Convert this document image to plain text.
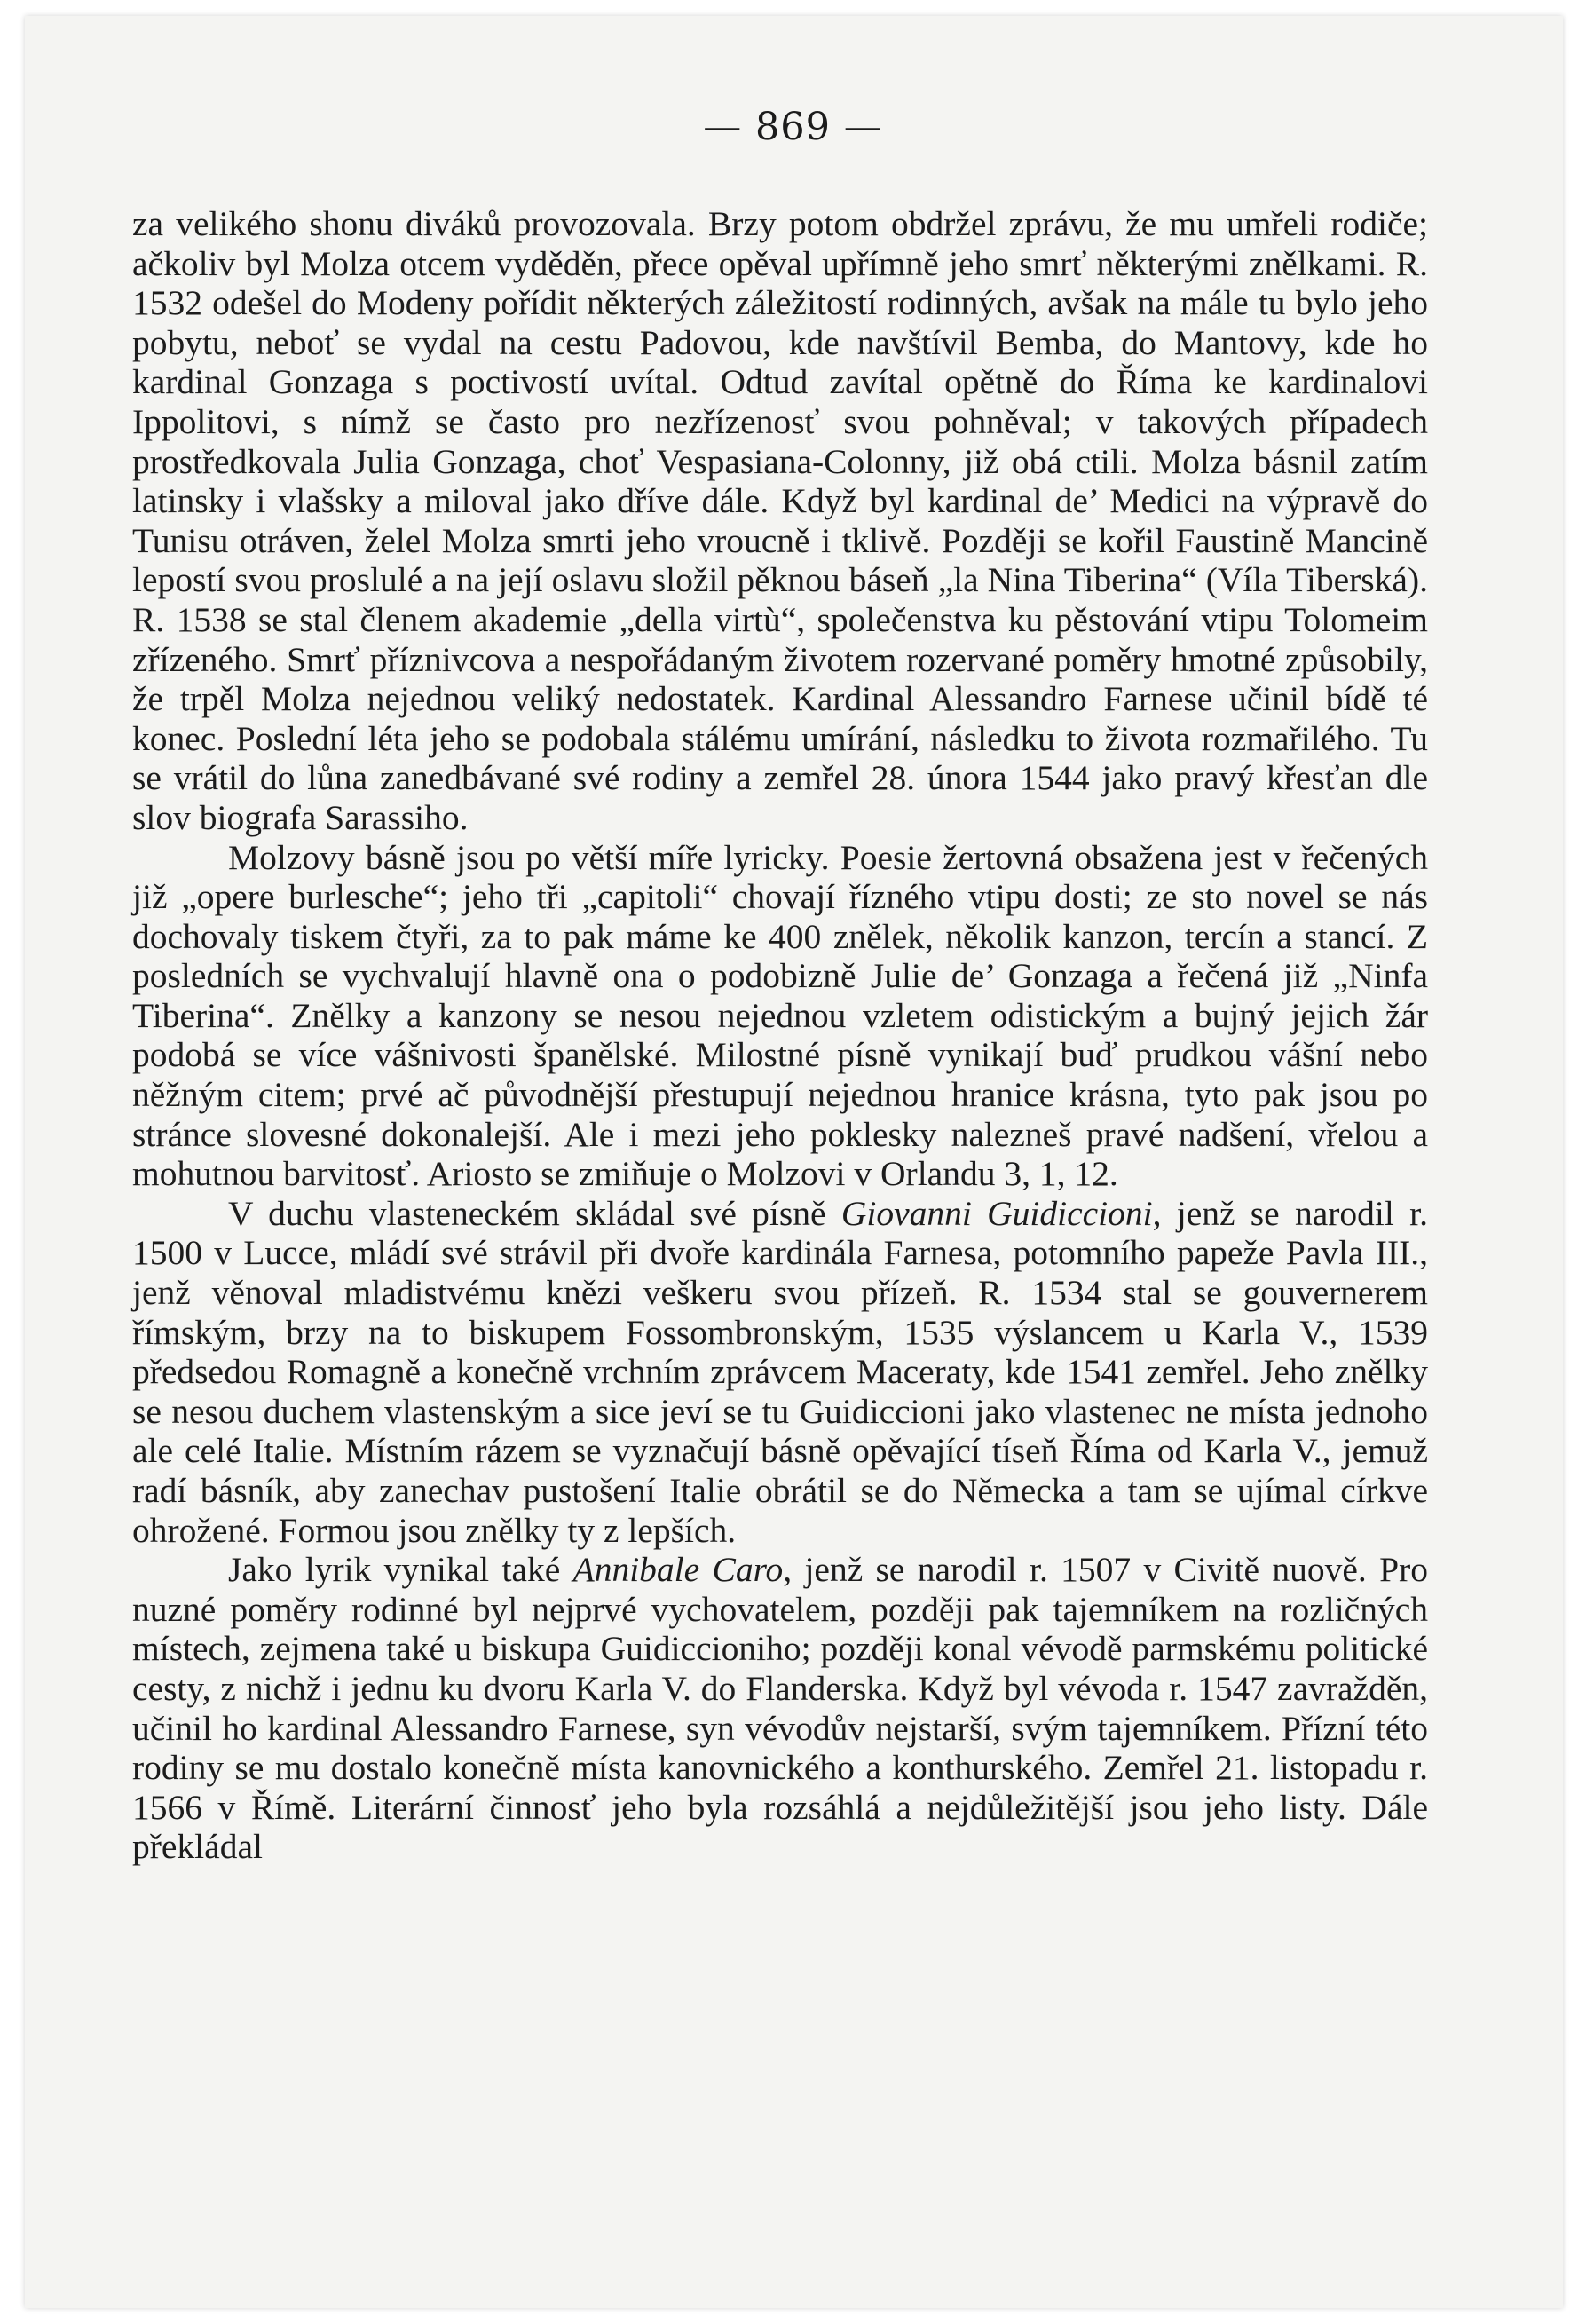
— 869 —

za velikého shonu diváků provozovala. Brzy potom obdržel zprávu, že mu umřeli rodiče; ačkoliv byl Molza otcem vyděděn, přece opěval upřímně jeho smrť některými znělkami. R. 1532 odešel do Modeny pořídit některých záležitostí rodinných, avšak na mále tu bylo jeho pobytu, neboť se vydal na cestu Padovou, kde navštívil Bemba, do Mantovy, kde ho kardinal Gonzaga s poctivostí uvítal. Odtud zavítal opětně do Říma ke kardinalovi Ippolitovi, s nímž se často pro nezřízenosť svou pohněval; v takových případech prostředkovala Julia Gonzaga, choť Vespasiana-Colonny, již obá ctili. Molza básnil zatím latinsky i vlašsky a miloval jako dříve dále. Když byl kardinal de’ Medici na výpravě do Tunisu otráven, želel Molza smrti jeho vroucně i tklivě. Později se kořil Faustině Mancině lepostí svou proslulé a na její oslavu složil pěknou báseň „la Nina Tiberina“ (Víla Tiberská). R. 1538 se stal členem akademie „della virtù“, společenstva ku pěstování vtipu Tolomeim zřízeného. Smrť příznivcova a nespořádaným životem rozervané poměry hmotné způsobily, že trpěl Molza nejednou veliký nedostatek. Kardinal Alessandro Farnese učinil bídě té konec. Poslední léta jeho se podobala stálému umírání, následku to života rozmařilého. Tu se vrátil do lůna zanedbávané své rodiny a zemřel 28. února 1544 jako pravý křesťan dle slov biografa Sarassiho.

Molzovy básně jsou po větší míře lyricky. Poesie žertovná obsažena jest v řečených již „opere burlesche“; jeho tři „capitoli“ chovají řízného vtipu dosti; ze sto novel se nás dochovaly tiskem čtyři, za to pak máme ke 400 znělek, několik kanzon, tercín a stancí. Z posledních se vychvalují hlavně ona o podobizně Julie de’ Gonzaga a řečená již „Ninfa Tiberina“. Znělky a kanzony se nesou nejednou vzletem odistickým a bujný jejich žár podobá se více vášnivosti španělské. Milostné písně vynikají buď prudkou vášní nebo něžným citem; prvé ač původnější přestupují nejednou hranice krásna, tyto pak jsou po stránce slovesné dokonalejší. Ale i mezi jeho poklesky nalezneš pravé nadšení, vřelou a mohutnou barvitosť. Ariosto se zmiňuje o Molzovi v Orlandu 3, 1, 12.

V duchu vlasteneckém skládal své písně Giovanni Guidiccioni, jenž se narodil r. 1500 v Lucce, mládí své strávil při dvoře kardinála Farnesa, potomního papeže Pavla III., jenž věnoval mladistvému knězi veškeru svou přízeň. R. 1534 stal se gouvernerem římským, brzy na to biskupem Fossombronským, 1535 výslancem u Karla V., 1539 předsedou Romagně a konečně vrchním zprávcem Maceraty, kde 1541 zemřel. Jeho znělky se nesou duchem vlastenským a sice jeví se tu Guidiccioni jako vlastenec ne místa jednoho ale celé Italie. Místním rázem se vyznačují básně opěvající tíseň Říma od Karla V., jemuž radí básník, aby zanechav pustošení Italie obrátil se do Německa a tam se ujímal církve ohrožené. Formou jsou znělky ty z lepších.

Jako lyrik vynikal také Annibale Caro, jenž se narodil r. 1507 v Civitě nuově. Pro nuzné poměry rodinné byl nejprvé vychovatelem, později pak tajemníkem na rozličných místech, zejmena také u biskupa Guidiccioniho; později konal vévodě parmskému politické cesty, z nichž i jednu ku dvoru Karla V. do Flanderska. Když byl vévoda r. 1547 zavražděn, učinil ho kardinal Alessandro Farnese, syn vévodův nejstarší, svým tajemníkem. Přízní této rodiny se mu dostalo konečně místa kanovnického a konthurského. Zemřel 21. listopadu r. 1566 v Římě. Literární činnosť jeho byla rozsáhlá a nejdůležitější jsou jeho listy. Dále překládal
